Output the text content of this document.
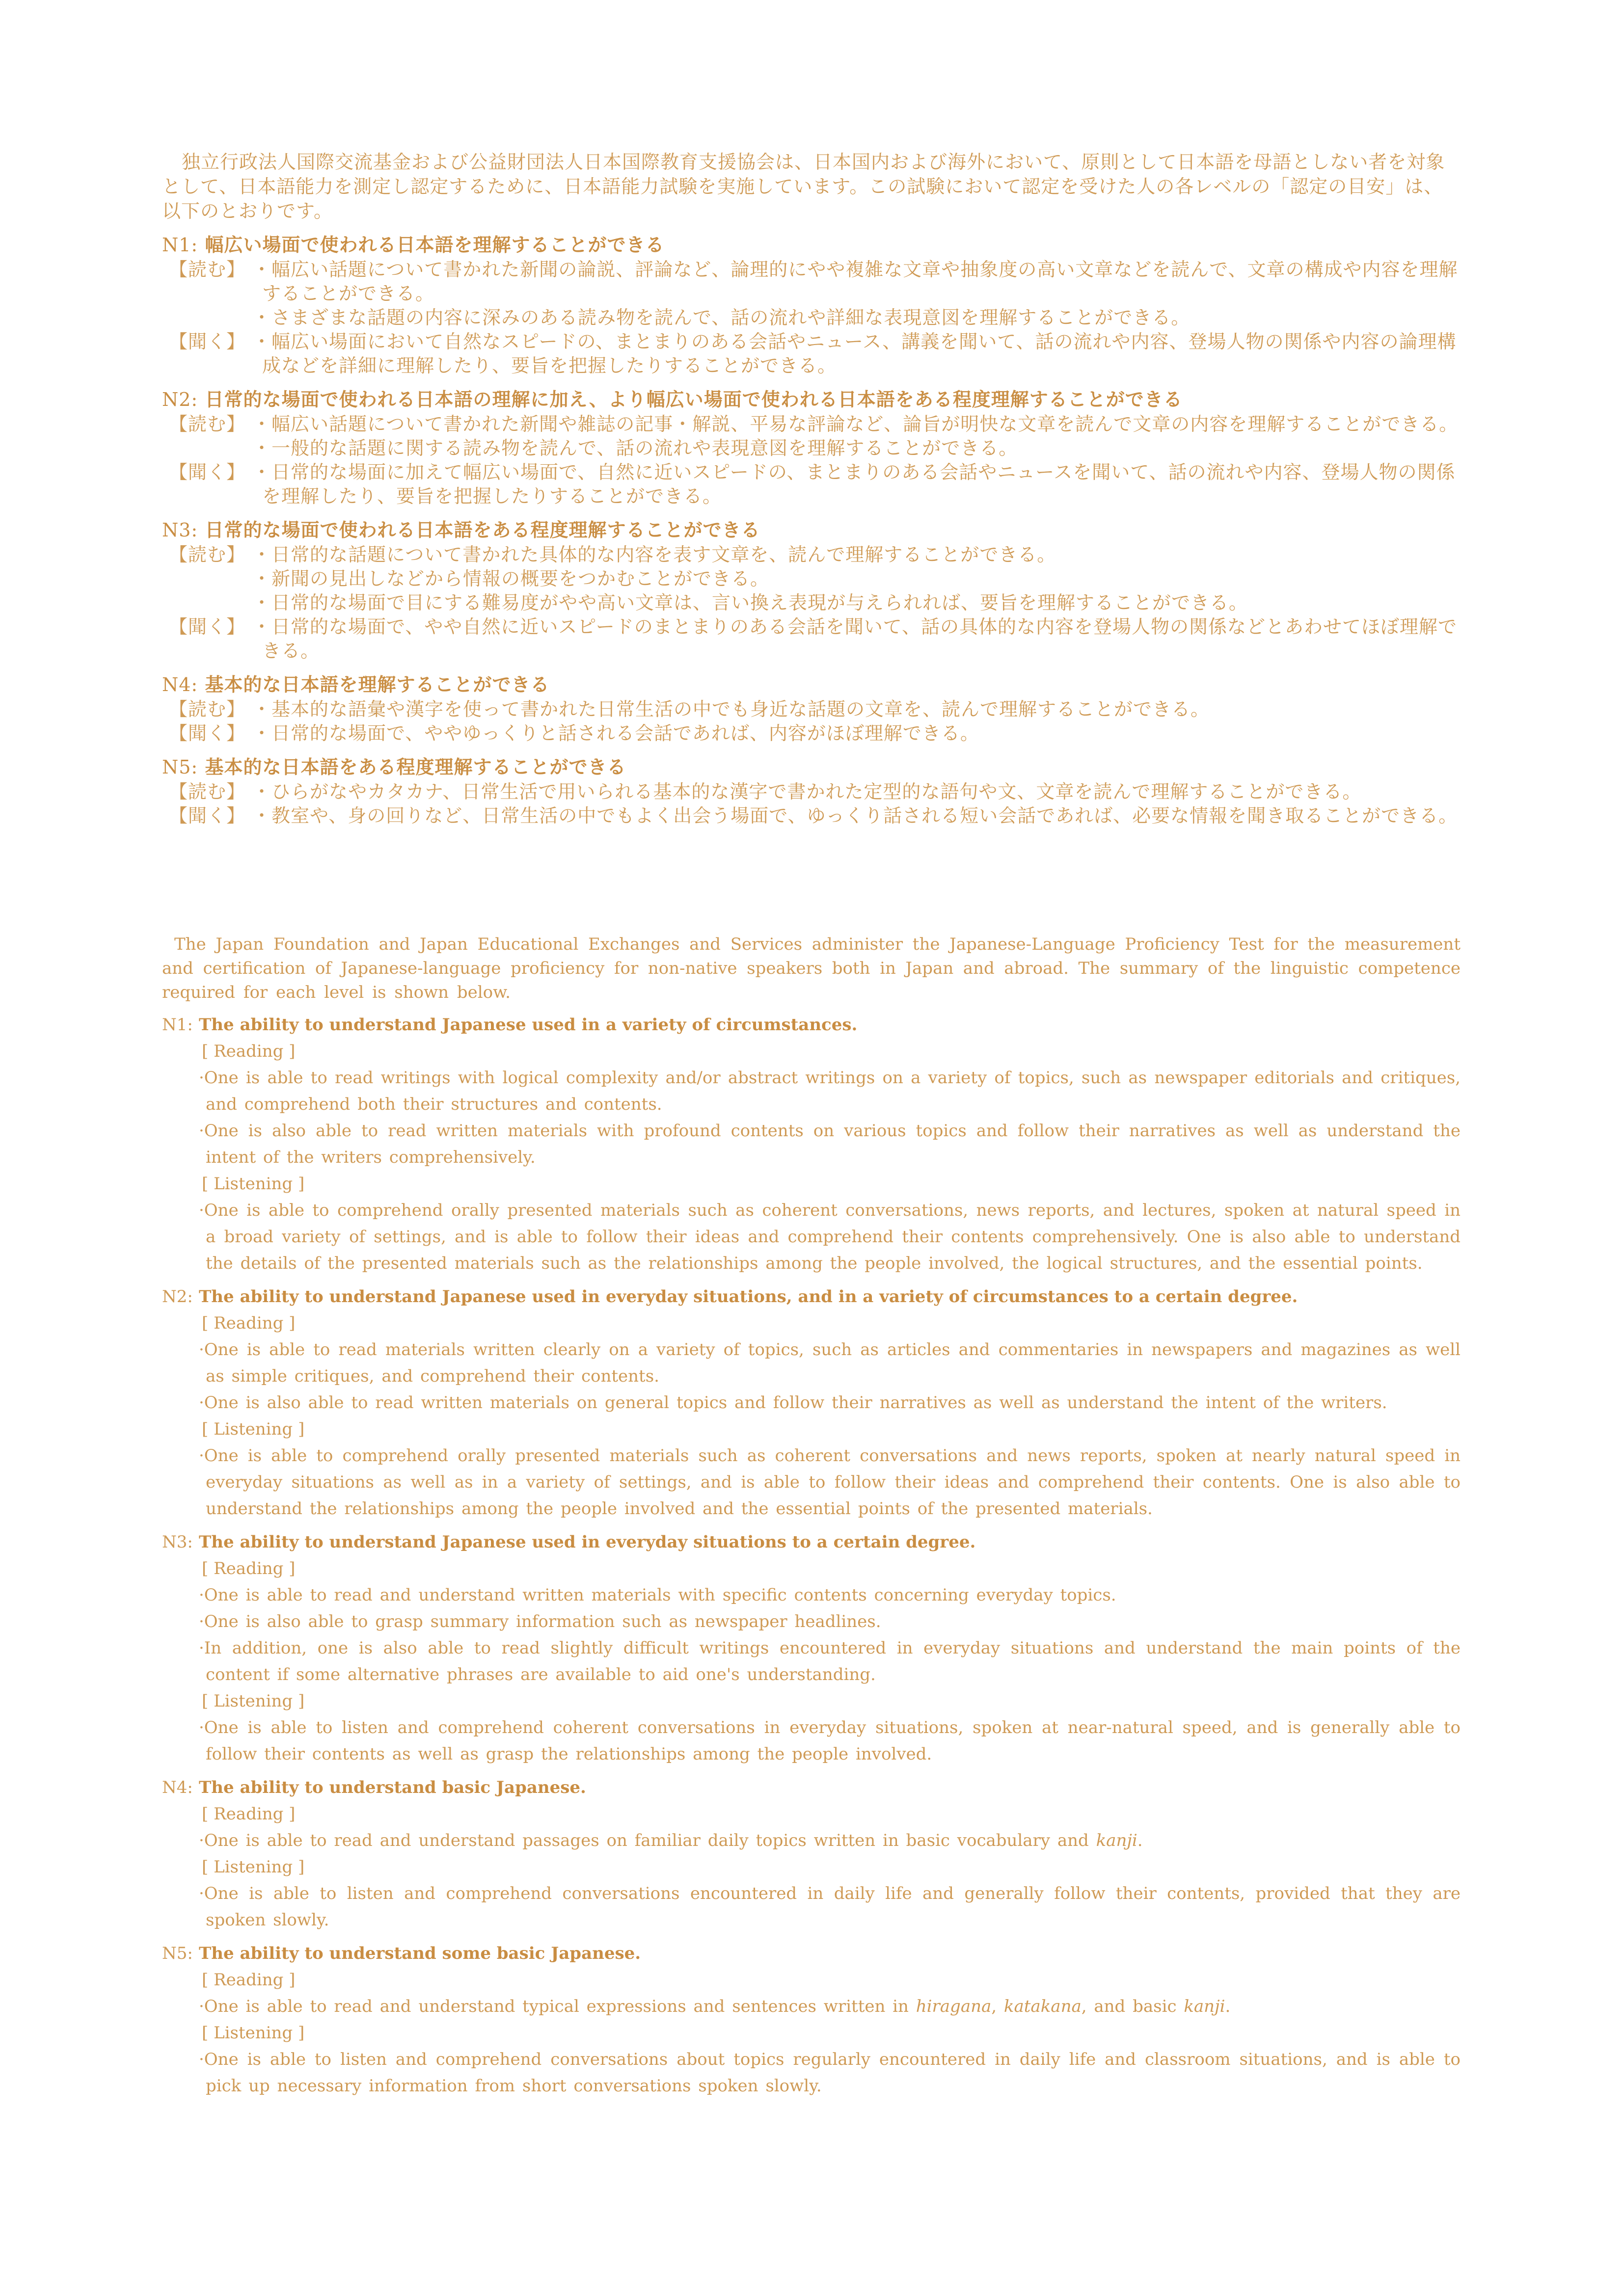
独立行政法人国際交流基金および公益財団法人日本国際教育支援協会は、日本国内および海外において、原則として日本語を母語としない者を対象として、日本語能力を測定し認定するために、日本語能力試験を実施しています。この試験において認定を受けた人の各レベルの「認定の目安」は、以下のとおりです。

N1: 幅広い場面で使われる日本語を理解することができる

【読む】 ・幅広い話題について書かれた新聞の論説、評論など、論理的にやや複雑な文章や抽象度の高い文章などを読んで、文章の構成や内容を理解することができる。

・さまざまな話題の内容に深みのある読み物を読んで、話の流れや詳細な表現意図を理解することができる。

【聞く】 ・幅広い場面において自然なスピードの、まとまりのある会話やニュース、講義を聞いて、話の流れや内容、登場人物の関係や内容の論理構成などを詳細に理解したり、要旨を把握したりすることができる。

N2: 日常的な場面で使われる日本語の理解に加え、より幅広い場面で使われる日本語をある程度理解することができる

【読む】 ・幅広い話題について書かれた新聞や雑誌の記事・解説、平易な評論など、論旨が明快な文章を読んで文章の内容を理解することができる。

・一般的な話題に関する読み物を読んで、話の流れや表現意図を理解することができる。

【聞く】 ・日常的な場面に加えて幅広い場面で、自然に近いスピードの、まとまりのある会話やニュースを聞いて、話の流れや内容、登場人物の関係を理解したり、要旨を把握したりすることができる。

N3: 日常的な場面で使われる日本語をある程度理解することができる

【読む】 ・日常的な話題について書かれた具体的な内容を表す文章を、読んで理解することができる。

・新聞の見出しなどから情報の概要をつかむことができる。

・日常的な場面で目にする難易度がやや高い文章は、言い換え表現が与えられれば、要旨を理解することができる。

【聞く】 ・日常的な場面で、やや自然に近いスピードのまとまりのある会話を聞いて、話の具体的な内容を登場人物の関係などとあわせてほぼ理解できる。

N4: 基本的な日本語を理解することができる

【読む】 ・基本的な語彙や漢字を使って書かれた日常生活の中でも身近な話題の文章を、読んで理解することができる。

【聞く】 ・日常的な場面で、ややゆっくりと話される会話であれば、内容がほぼ理解できる。

N5: 基本的な日本語をある程度理解することができる

【読む】 ・ひらがなやカタカナ、日常生活で用いられる基本的な漢字で書かれた定型的な語句や文、文章を読んで理解することができる。

【聞く】 ・教室や、身の回りなど、日常生活の中でもよく出会う場面で、ゆっくり話される短い会話であれば、必要な情報を聞き取ることができる。

The Japan Foundation and Japan Educational Exchanges and Services administer the Japanese-Language Proficiency Test for the measurement and certification of Japanese-language proficiency for non-native speakers both in Japan and abroad. The summary of the linguistic competence required for each level is shown below.

N1: The ability to understand Japanese used in a variety of circumstances.

[ Reading ]

·One is able to read writings with logical complexity and/or abstract writings on a variety of topics, such as newspaper editorials and critiques, and comprehend both their structures and contents.

·One is also able to read written materials with profound contents on various topics and follow their narratives as well as understand the intent of the writers comprehensively.

[ Listening ]

·One is able to comprehend orally presented materials such as coherent conversations, news reports, and lectures, spoken at natural speed in a broad variety of settings, and is able to follow their ideas and comprehend their contents comprehensively. One is also able to understand the details of the presented materials such as the relationships among the people involved, the logical structures, and the essential points.

N2: The ability to understand Japanese used in everyday situations, and in a variety of circumstances to a certain degree.

[ Reading ]

·One is able to read materials written clearly on a variety of topics, such as articles and commentaries in newspapers and magazines as well as simple critiques, and comprehend their contents.

·One is also able to read written materials on general topics and follow their narratives as well as understand the intent of the writers.

[ Listening ]

·One is able to comprehend orally presented materials such as coherent conversations and news reports, spoken at nearly natural speed in everyday situations as well as in a variety of settings, and is able to follow their ideas and comprehend their contents. One is also able to understand the relationships among the people involved and the essential points of the presented materials.

N3: The ability to understand Japanese used in everyday situations to a certain degree.

[ Reading ]

·One is able to read and understand written materials with specific contents concerning everyday topics.

·One is also able to grasp summary information such as newspaper headlines.

·In addition, one is also able to read slightly difficult writings encountered in everyday situations and understand the main points of the content if some alternative phrases are available to aid one's understanding.

[ Listening ]

·One is able to listen and comprehend coherent conversations in everyday situations, spoken at near-natural speed, and is generally able to follow their contents as well as grasp the relationships among the people involved.

N4: The ability to understand basic Japanese.

[ Reading ]

·One is able to read and understand passages on familiar daily topics written in basic vocabulary and kanji.

[ Listening ]

·One is able to listen and comprehend conversations encountered in daily life and generally follow their contents, provided that they are spoken slowly.

N5: The ability to understand some basic Japanese.

[ Reading ]

·One is able to read and understand typical expressions and sentences written in hiragana, katakana, and basic kanji.

[ Listening ]

·One is able to listen and comprehend conversations about topics regularly encountered in daily life and classroom situations, and is able to pick up necessary information from short conversations spoken slowly.
